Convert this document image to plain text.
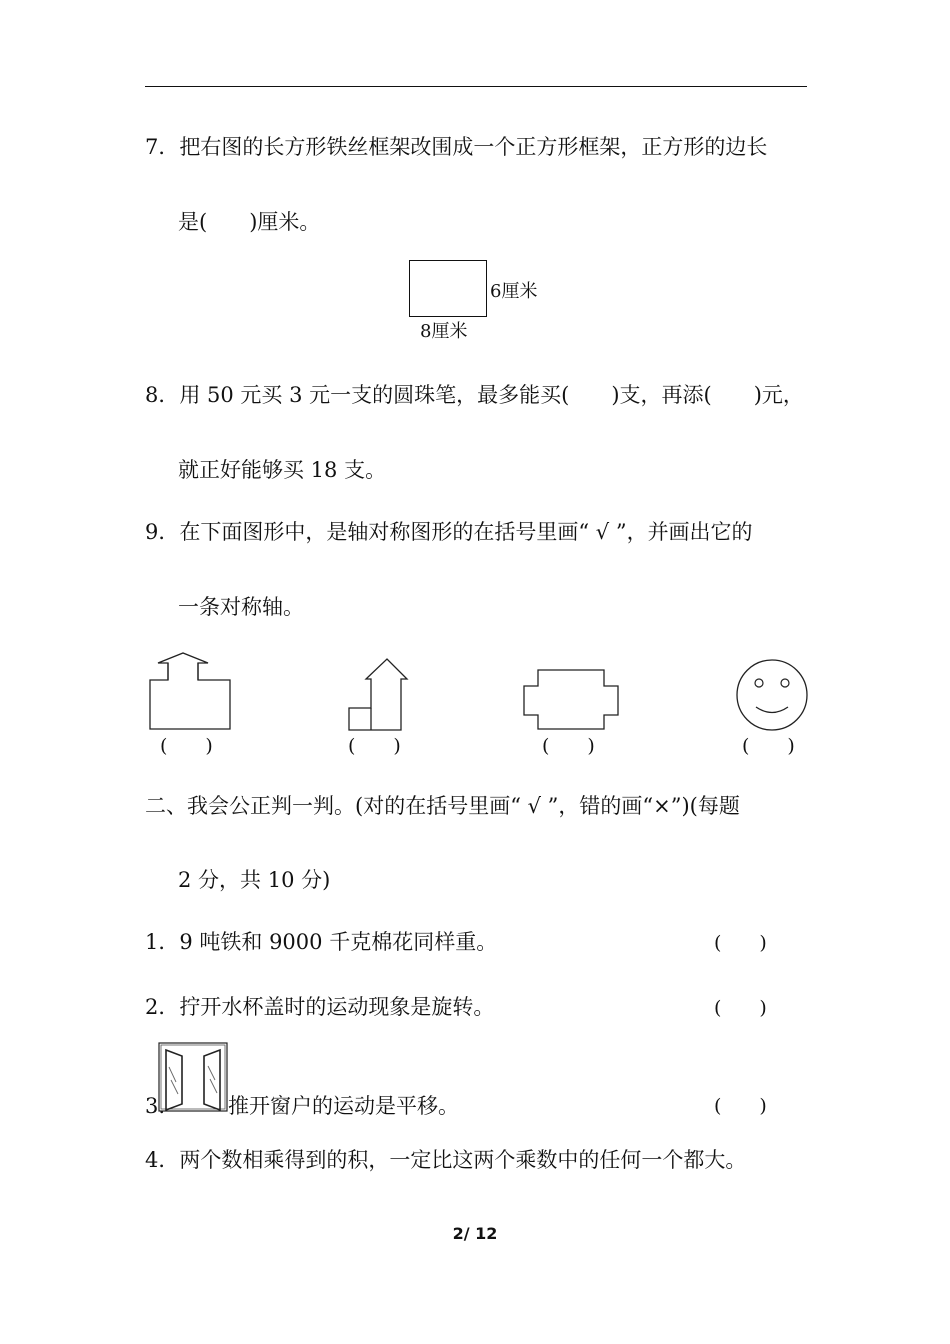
7．把右图的长方形铁丝框架改围成一个正方形框架，正方形的边长
是(　　)厘米。
6厘米
8厘米
8．用 50 元买 3 元一支的圆珠笔，最多能买(　　)支，再添(　　)元，
就正好能够买 18 支。
9．在下面图形中，是轴对称图形的在括号里画“ √ ”，并画出它的
一条对称轴。
(　　)	(　　)	(　　)	(　　)
二、我会公正判一判。(对的在括号里画“ √ ”，错的画“×”)(每题
2 分，共 10 分)
1．9 吨铁和 9000 千克棉花同样重。	(　　)
2．拧开水杯盖时的运动现象是旋转。	(　　)
3.	推开窗户的运动是平移。	(　　)
4．两个数相乘得到的积，一定比这两个乘数中的任何一个都大。
2/ 12
